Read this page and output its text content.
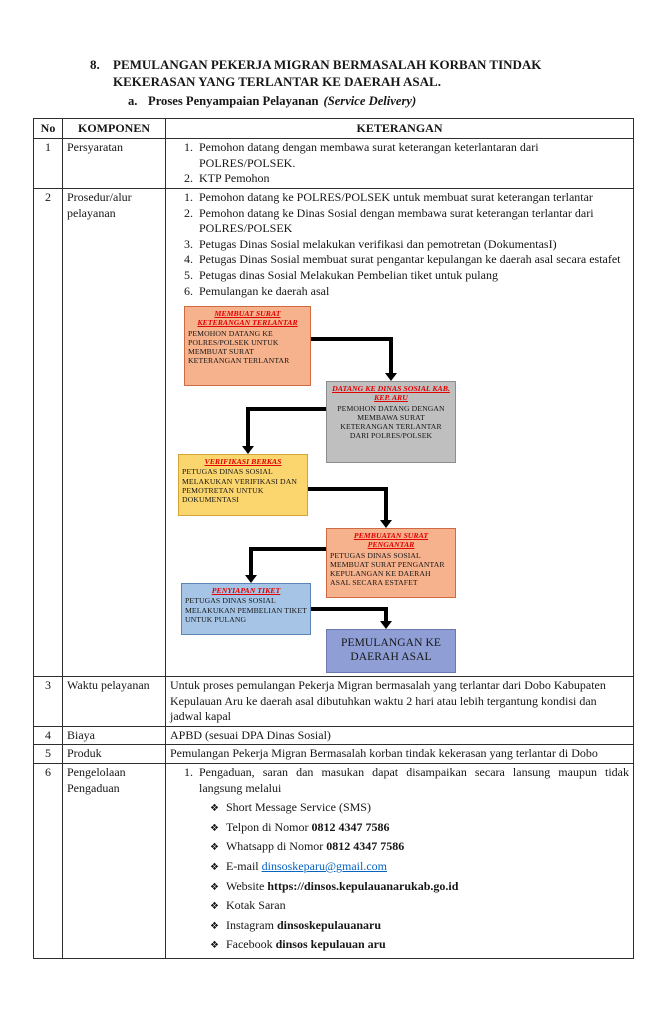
8.	PEMULANGAN PEKERJA MIGRAN BERMASALAH KORBAN TINDAK
KEKERASAN YANG TERLANTAR KE DAERAH ASAL.
a. Proses Penyampaian Pelayanan (Service Delivery)
No	KOMPONEN	KETERANGAN
1	Persyaratan	
1.Pemohon datang dengan membawa surat keterangan keterlantaran dari POLRES/POLSEK.
2. KTP Pemohon

2	Prosedur/alur pelayanan	
1. Pemohon datang ke POLRES/POLSEK untuk membuat surat keterangan terlantar
2. Pemohon datang ke Dinas Sosial dengan membawa surat keterangan terlantar dari POLRES/POLSEK
3. Petugas Dinas Sosial melakukan verifikasi dan pemotretan (DokumentasI)
4. Petugas Dinas Sosial membuat surat pengantar kepulangan ke daerah asal secara estafet
5. Petugas dinas Sosial Melakukan Pembelian tiket untuk pulang
6. Pemulangan ke daerah asal
MEMBUAT SURAT KETERANGAN TERLANTAR
PEMOHON DATANG KE POLRES/POLSEK UNTUK MEMBUAT SURAT KETERANGAN TERLANTAR
DATANG KE DINAS SOSIAL KAB. KEP. ARU
PEMOHON DATANG DENGAN MEMBAWA SURAT KETERANGAN TERLANTAR DARI POLRES/POLSEK
VERIFIKASI BERKAS
PETUGAS DINAS SOSIAL MELAKUKAN VERIFIKASI DAN PEMOTRETAN UNTUK DOKUMENTASI
PEMBUATAN SURAT PENGANTAR
PETUGAS DINAS SOSIAL MEMBUAT SURAT PENGANTAR KEPULANGAN KE DAERAH ASAL SECARA ESTAFET
PENYIAPAN TIKET
PETUGAS DINAS SOSIAL MELAKUKAN PEMBELIAN TIKET UNTUK PULANG
PEMULANGAN KE DAERAH ASAL

3	Waktu pelayanan	Untuk proses pemulangan Pekerja Migran bermasalah yang terlantar dari Dobo Kabupaten Kepulauan Aru ke daerah asal dibutuhkan waktu 2 hari atau lebih tergantung kondisi dan jadwal kapal

4	Biaya	APBD (sesuai DPA Dinas Sosial)

5	Produk	Pemulangan Pekerja Migran Bermasalah korban tindak kekerasan yang terlantar di Dobo

6	Pengelolaan Pengaduan	
1. Pengaduan, saran dan masukan dapat disampaikan secara lansung maupun tidak langsung melalui
❖ Short Message Service (SMS)
❖ Telpon di Nomor 0812 4347 7586
❖ Whatsapp di Nomor 0812 4347 7586
❖ E-mail dinsoskeparu@gmail.com
❖ Website https://dinsos.kepulauanarukab.go.id
❖ Kotak Saran
❖ Instagram dinsoskepulauanaru
❖ Facebook dinsos kepulauan aru
